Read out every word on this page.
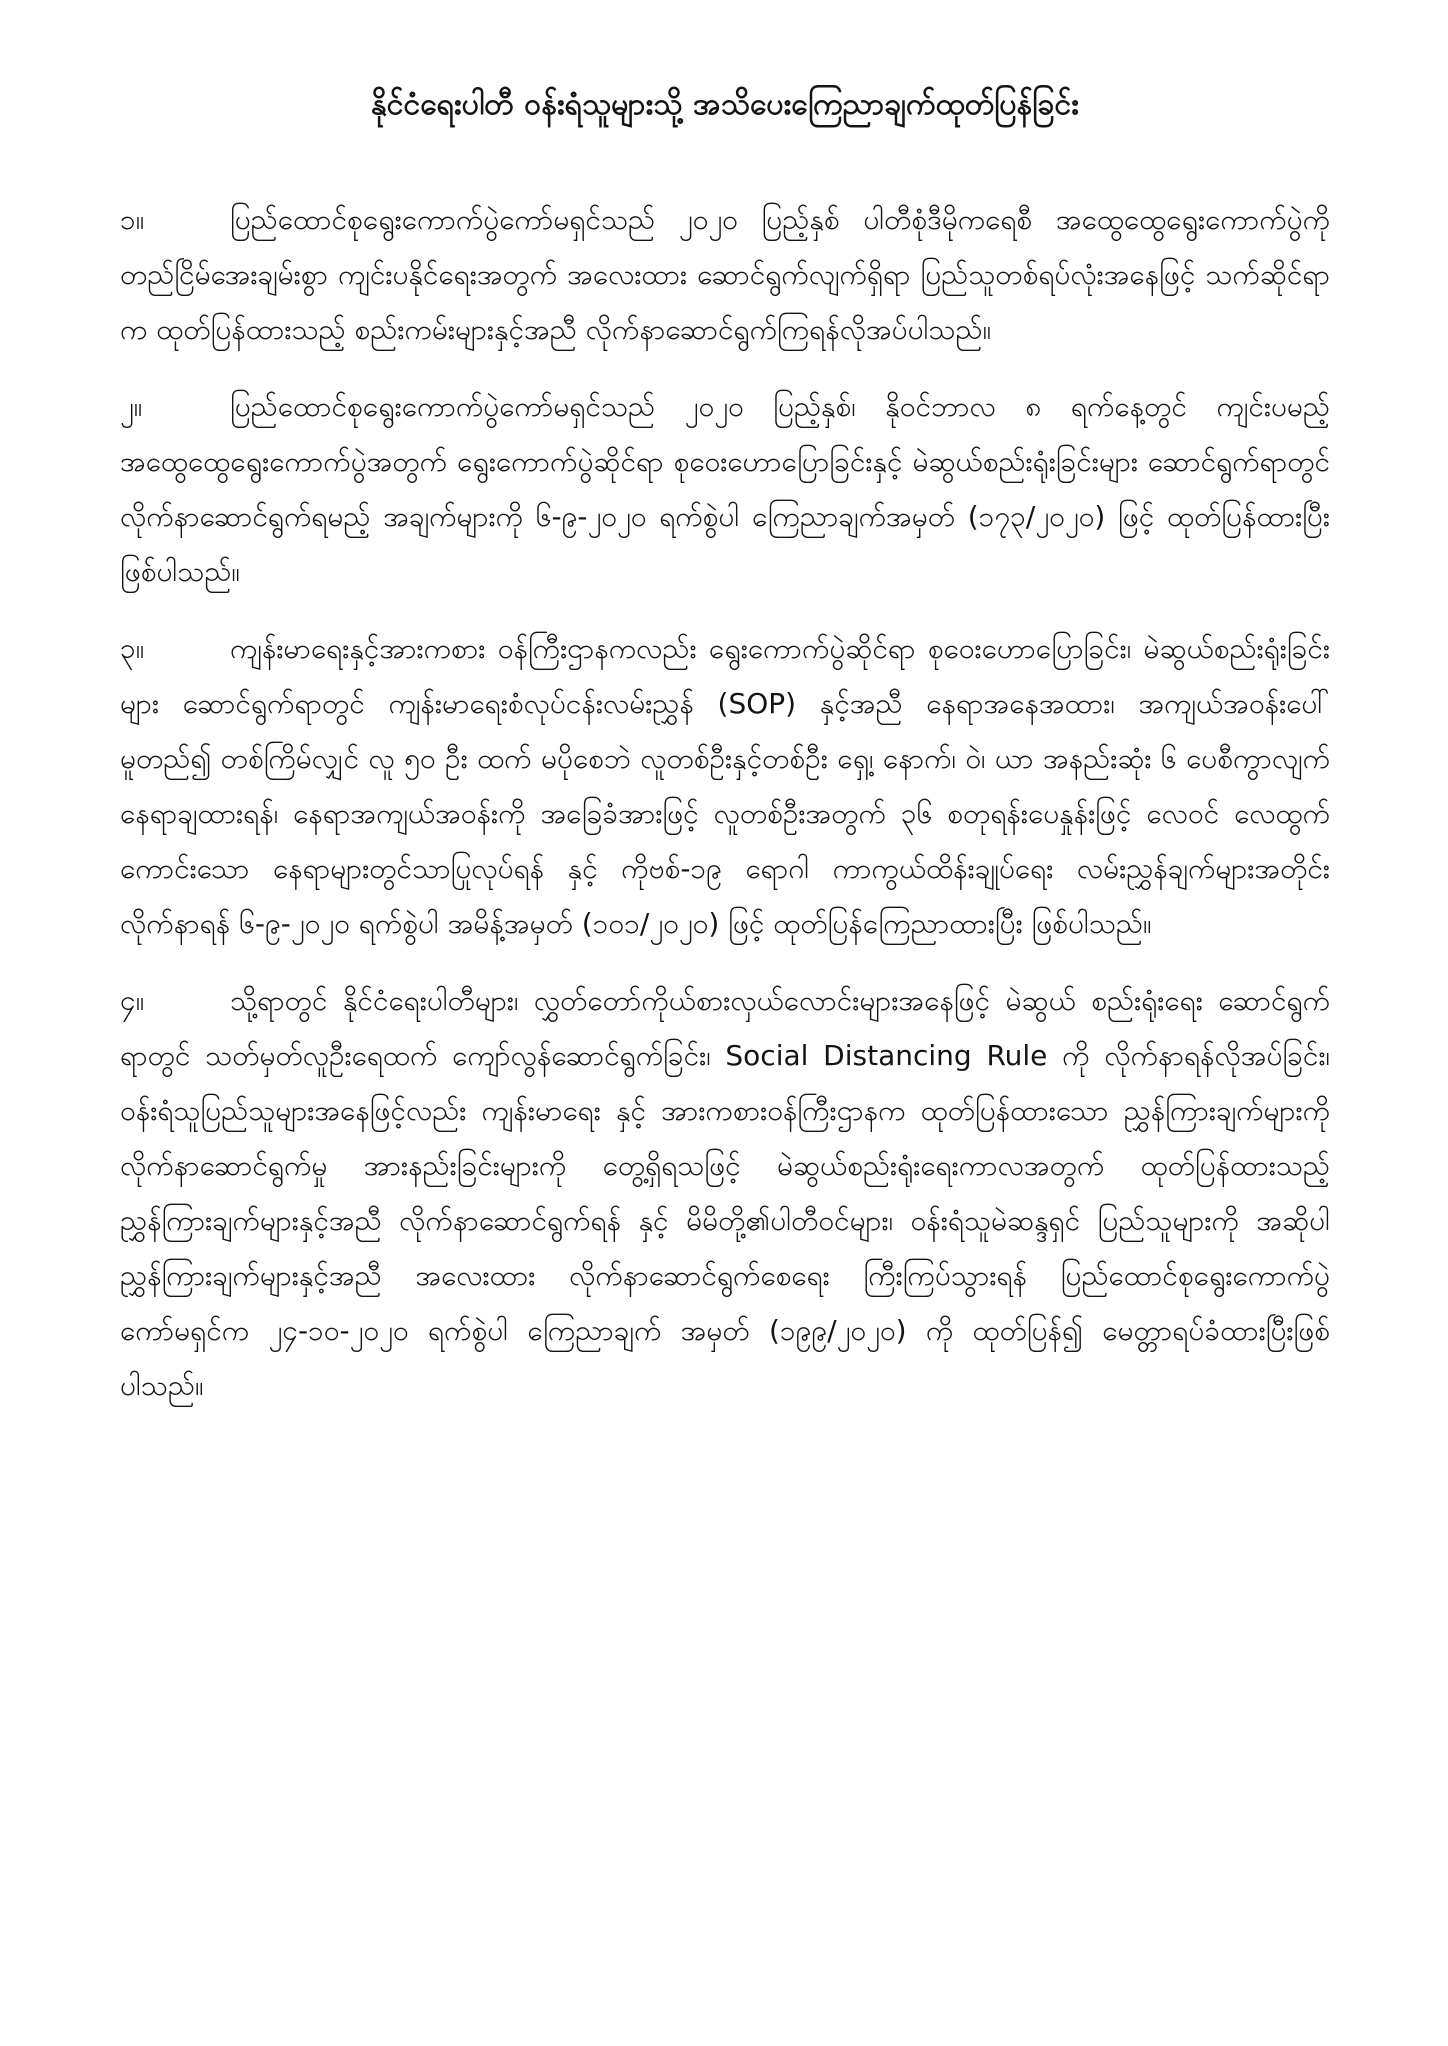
နိုင်ငံရေးပါတီ ဝန်းရံသူများသို့ အသိပေးကြေညာချက်ထုတ်ပြန်ခြင်း

၁။	ပြည်ထောင်စုရွေးကောက်ပွဲကော်မရှင်သည် ၂၀၂၀ ပြည့်နှစ် ပါတီစုံဒီမိုကရေစီ အထွေထွေရွေးကောက်ပွဲကို တည်ငြိမ်အေးချမ်းစွာ ကျင်းပနိုင်ရေးအတွက် အလေးထား ဆောင်ရွက်လျက်ရှိရာ ပြည်သူတစ်ရပ်လုံးအနေဖြင့် သက်ဆိုင်ရာက ထုတ်ပြန်ထားသည့် စည်းကမ်းများနှင့်အညီ လိုက်နာဆောင်ရွက်ကြရန်လိုအပ်ပါသည်။

၂။	ပြည်ထောင်စုရွေးကောက်ပွဲကော်မရှင်သည် ၂၀၂၀ ပြည့်နှစ်၊ နိုဝင်ဘာလ ၈ ရက်နေ့တွင် ကျင်းပမည့် အထွေထွေရွေးကောက်ပွဲအတွက် ရွေးကောက်ပွဲဆိုင်ရာ စုဝေးဟောပြောခြင်းနှင့် မဲဆွယ်စည်းရုံးခြင်းများ ဆောင်ရွက်ရာတွင် လိုက်နာဆောင်ရွက်ရမည့် အချက်များကို ၆-၉-၂၀၂၀ ရက်စွဲပါ ကြေညာချက်အမှတ် (၁၇၃/၂၀၂၀) ဖြင့် ထုတ်ပြန်ထားပြီး ဖြစ်ပါသည်။

၃။	ကျန်းမာရေးနှင့်အားကစား ဝန်ကြီးဌာနကလည်း ရွေးကောက်ပွဲဆိုင်ရာ စုဝေးဟောပြောခြင်း၊ မဲဆွယ်စည်းရုံးခြင်းများ ဆောင်ရွက်ရာတွင် ကျန်းမာရေးစံလုပ်ငန်းလမ်းညွှန် (SOP) နှင့်အညီ နေရာအနေအထား၊ အကျယ်အဝန်းပေါ်မူတည်၍ တစ်ကြိမ်လျှင် လူ ၅၀ ဦး ထက် မပိုစေဘဲ လူတစ်ဦးနှင့်တစ်ဦး ရှေ့၊ နောက်၊ ဝဲ၊ ယာ အနည်းဆုံး ၆ ပေစီကွာလျက် နေရာချထားရန်၊ နေရာအကျယ်အဝန်းကို အခြေခံအားဖြင့် လူတစ်ဦးအတွက် ၃၆ စတုရန်းပေနှုန်းဖြင့် လေဝင် လေထွက် ကောင်းသော နေရာများတွင်သာပြုလုပ်ရန် နှင့် ကိုဗစ်-၁၉ ရောဂါ ကာကွယ်ထိန်းချုပ်ရေး လမ်းညွှန်ချက်များအတိုင်း လိုက်နာရန် ၆-၉-၂၀၂၀ ရက်စွဲပါ အမိန့်အမှတ် (၁၀၁/၂၀၂၀) ဖြင့် ထုတ်ပြန်ကြေညာထားပြီး ဖြစ်ပါသည်။

၄။	သို့ရာတွင် နိုင်ငံရေးပါတီများ၊ လွှတ်တော်ကိုယ်စားလှယ်လောင်းများအနေဖြင့် မဲဆွယ် စည်းရုံးရေး ဆောင်ရွက်ရာတွင် သတ်မှတ်လူဦးရေထက် ကျော်လွန်ဆောင်ရွက်ခြင်း၊ Social Distancing Rule ကို လိုက်နာရန်လိုအပ်ခြင်း၊ ဝန်းရံသူပြည်သူများအနေဖြင့်လည်း ကျန်းမာရေး နှင့် အားကစားဝန်ကြီးဌာနက ထုတ်ပြန်ထားသော ညွှန်ကြားချက်များကို လိုက်နာဆောင်ရွက်မှု အားနည်းခြင်းများကို တွေ့ရှိရသဖြင့် မဲဆွယ်စည်းရုံးရေးကာလအတွက် ထုတ်ပြန်ထားသည့် ညွှန်ကြားချက်များနှင့်အညီ လိုက်နာဆောင်ရွက်ရန် နှင့် မိမိတို့၏ပါတီဝင်များ၊ ဝန်းရံသူမဲဆန္ဒရှင် ပြည်သူများကို အဆိုပါညွှန်ကြားချက်များနှင့်အညီ အလေးထား လိုက်နာဆောင်ရွက်စေရေး ကြီးကြပ်သွားရန် ပြည်ထောင်စုရွေးကောက်ပွဲကော်မရှင်က ၂၄-၁၀-၂၀၂၀ ရက်စွဲပါ ကြေညာချက် အမှတ် (၁၉၉/၂၀၂၀) ကို ထုတ်ပြန်၍ မေတ္တာရပ်ခံထားပြီးဖြစ်ပါသည်။
